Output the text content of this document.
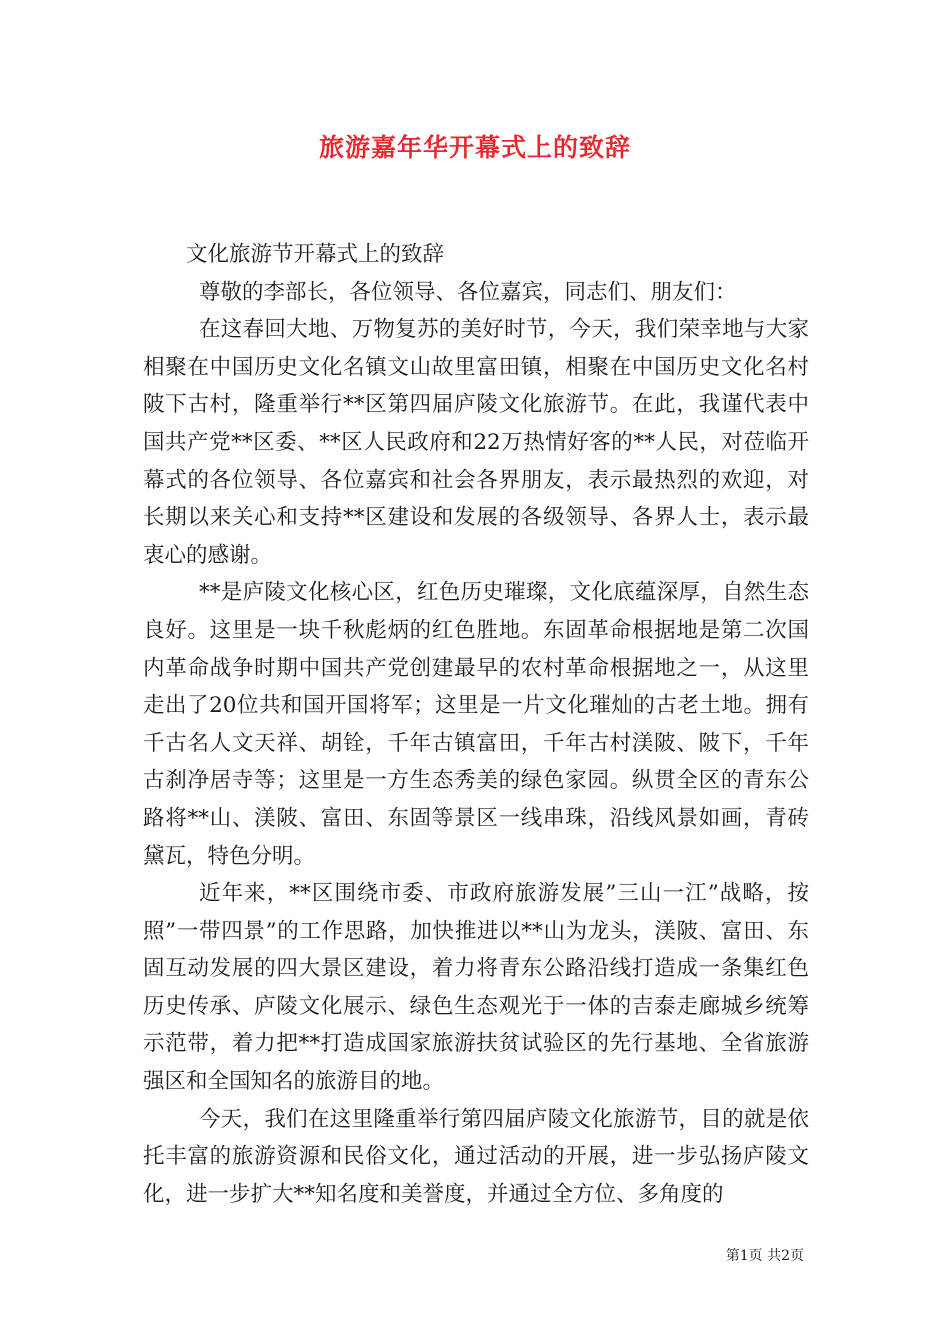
旅游嘉年华开幕式上的致辞

文化旅游节开幕式上的致辞

尊敬的李部长，各位领导、各位嘉宾，同志们、朋友们：

在这春回大地、万物复苏的美好时节，今天，我们荣幸地与大家相聚在中国历史文化名镇文山故里富田镇，相聚在中国历史文化名村陂下古村，隆重举行**区第四届庐陵文化旅游节。在此，我谨代表中国共产党**区委、**区人民政府和22万热情好客的**人民，对莅临开幕式的各位领导、各位嘉宾和社会各界朋友，表示最热烈的欢迎，对长期以来关心和支持**区建设和发展的各级领导、各界人士，表示最衷心的感谢。

**是庐陵文化核心区，红色历史璀璨，文化底蕴深厚，自然生态良好。这里是一块千秋彪炳的红色胜地。东固革命根据地是第二次国内革命战争时期中国共产党创建最早的农村革命根据地之一，从这里走出了20位共和国开国将军；这里是一片文化璀灿的古老土地。拥有千古名人文天祥、胡铨，千年古镇富田，千年古村渼陂、陂下，千年古刹净居寺等；这里是一方生态秀美的绿色家园。纵贯全区的青东公路将**山、渼陂、富田、东固等景区一线串珠，沿线风景如画，青砖黛瓦，特色分明。

近年来，**区围绕市委、市政府旅游发展”三山一江”战略，按照”一带四景”的工作思路，加快推进以**山为龙头，渼陂、富田、东固互动发展的四大景区建设，着力将青东公路沿线打造成一条集红色历史传承、庐陵文化展示、绿色生态观光于一体的吉泰走廊城乡统筹示范带，着力把**打造成国家旅游扶贫试验区的先行基地、全省旅游强区和全国知名的旅游目的地。

今天，我们在这里隆重举行第四届庐陵文化旅游节，目的就是依托丰富的旅游资源和民俗文化，通过活动的开展，进一步弘扬庐陵文化，进一步扩大**知名度和美誉度，并通过全方位、多角度的

第1页 共2页
